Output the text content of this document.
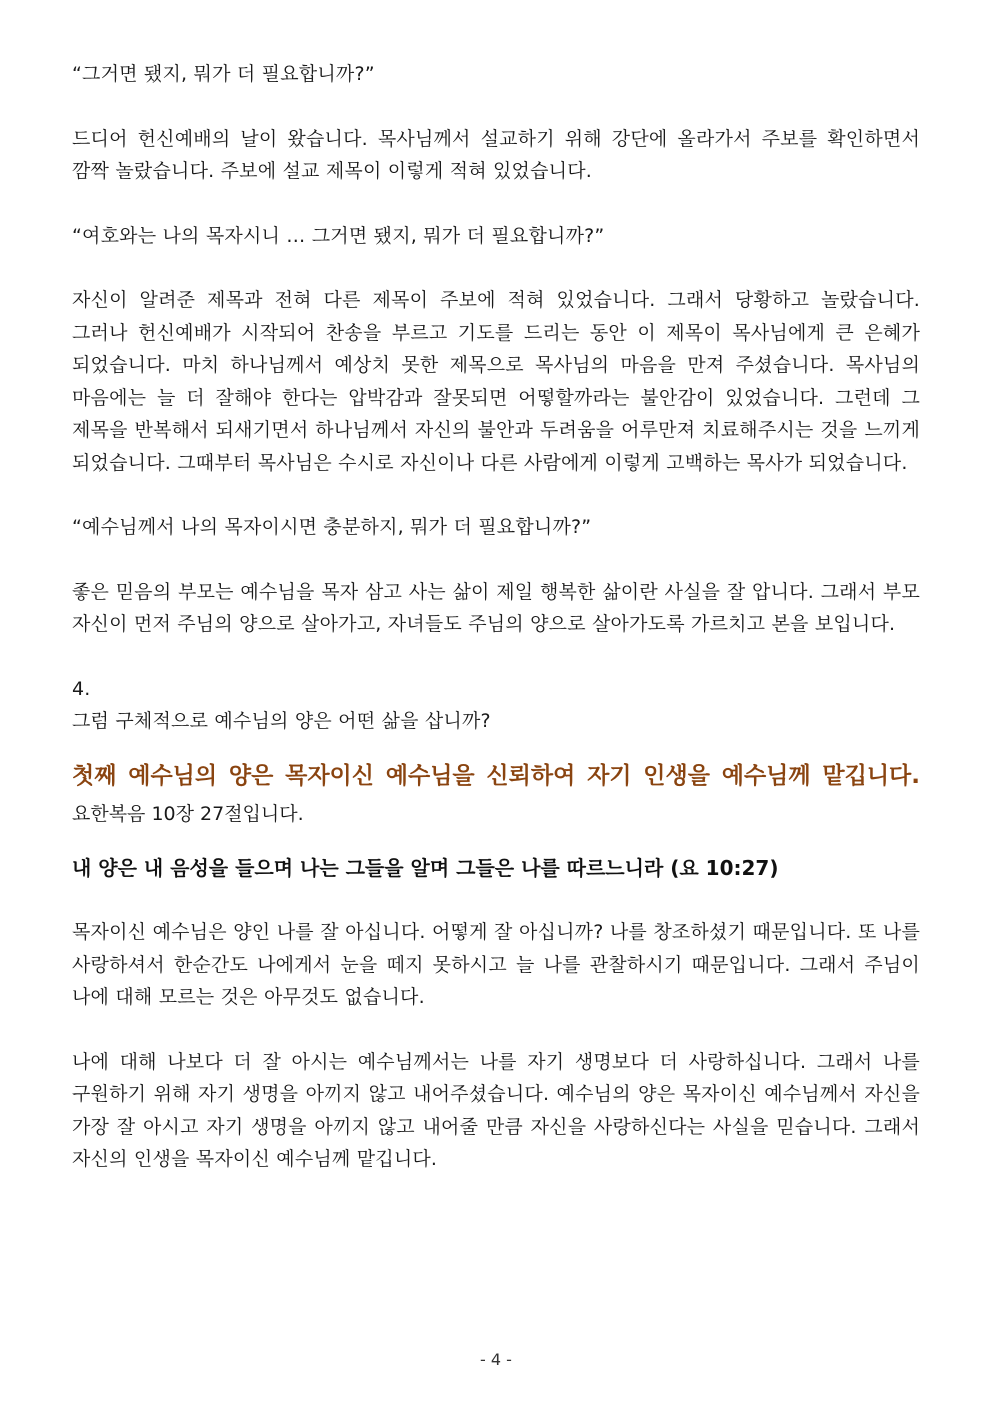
“그거면 됐지, 뭐가 더 필요합니까?”

드디어 헌신예배의 날이 왔습니다. 목사님께서 설교하기 위해 강단에 올라가서 주보를 확인하면서 깜짝 놀랐습니다. 주보에 설교 제목이 이렇게 적혀 있었습니다.

“여호와는 나의 목자시니 … 그거면 됐지, 뭐가 더 필요합니까?”

자신이 알려준 제목과 전혀 다른 제목이 주보에 적혀 있었습니다. 그래서 당황하고 놀랐습니다. 그러나 헌신예배가 시작되어 찬송을 부르고 기도를 드리는 동안 이 제목이 목사님에게 큰 은혜가 되었습니다. 마치 하나님께서 예상치 못한 제목으로 목사님의 마음을 만져 주셨습니다. 목사님의 마음에는 늘 더 잘해야 한다는 압박감과 잘못되면 어떻할까라는 불안감이 있었습니다. 그런데 그 제목을 반복해서 되새기면서 하나님께서 자신의 불안과 두려움을 어루만져 치료해주시는 것을 느끼게 되었습니다. 그때부터 목사님은 수시로 자신이나 다른 사람에게 이렇게 고백하는 목사가 되었습니다.

“예수님께서 나의 목자이시면 충분하지, 뭐가 더 필요합니까?”

좋은 믿음의 부모는 예수님을 목자 삼고 사는 삶이 제일 행복한 삶이란 사실을 잘 압니다. 그래서 부모 자신이 먼저 주님의 양으로 살아가고, 자녀들도 주님의 양으로 살아가도록 가르치고 본을 보입니다.

4.

그럼 구체적으로 예수님의 양은 어떤 삶을 삽니까?

첫째 예수님의 양은 목자이신 예수님을 신뢰하여 자기 인생을 예수님께 맡깁니다. 요한복음 10장 27절입니다.

내 양은 내 음성을 들으며 나는 그들을 알며 그들은 나를 따르느니라 (요 10:27)

목자이신 예수님은 양인 나를 잘 아십니다. 어떻게 잘 아십니까? 나를 창조하셨기 때문입니다. 또 나를 사랑하셔서 한순간도 나에게서 눈을 떼지 못하시고 늘 나를 관찰하시기 때문입니다. 그래서 주님이 나에 대해 모르는 것은 아무것도 없습니다.

나에 대해 나보다 더 잘 아시는 예수님께서는 나를 자기 생명보다 더 사랑하십니다. 그래서 나를 구원하기 위해 자기 생명을 아끼지 않고 내어주셨습니다. 예수님의 양은 목자이신 예수님께서 자신을 가장 잘 아시고 자기 생명을 아끼지 않고 내어줄 만큼 자신을 사랑하신다는 사실을 믿습니다. 그래서 자신의 인생을 목자이신 예수님께 맡깁니다.

- 4 -
